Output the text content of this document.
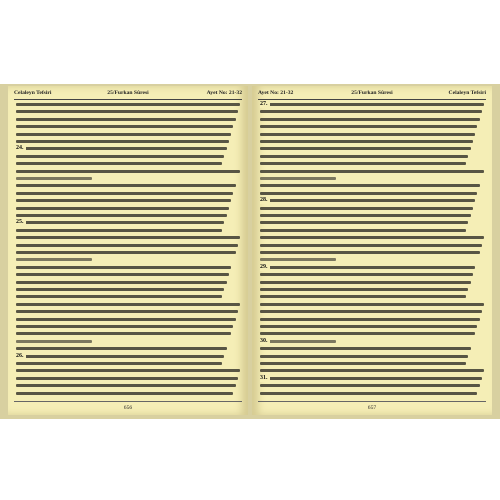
Celaleyn Tefsiri	25/Furkan Sûresi	Ayet No: 21-32
24.
25.
26.
656
Ayet No: 21-32	25/Furkan Sûresi	Celaleyn Tefsiri
27.
28.
29.
30.
31.
657
